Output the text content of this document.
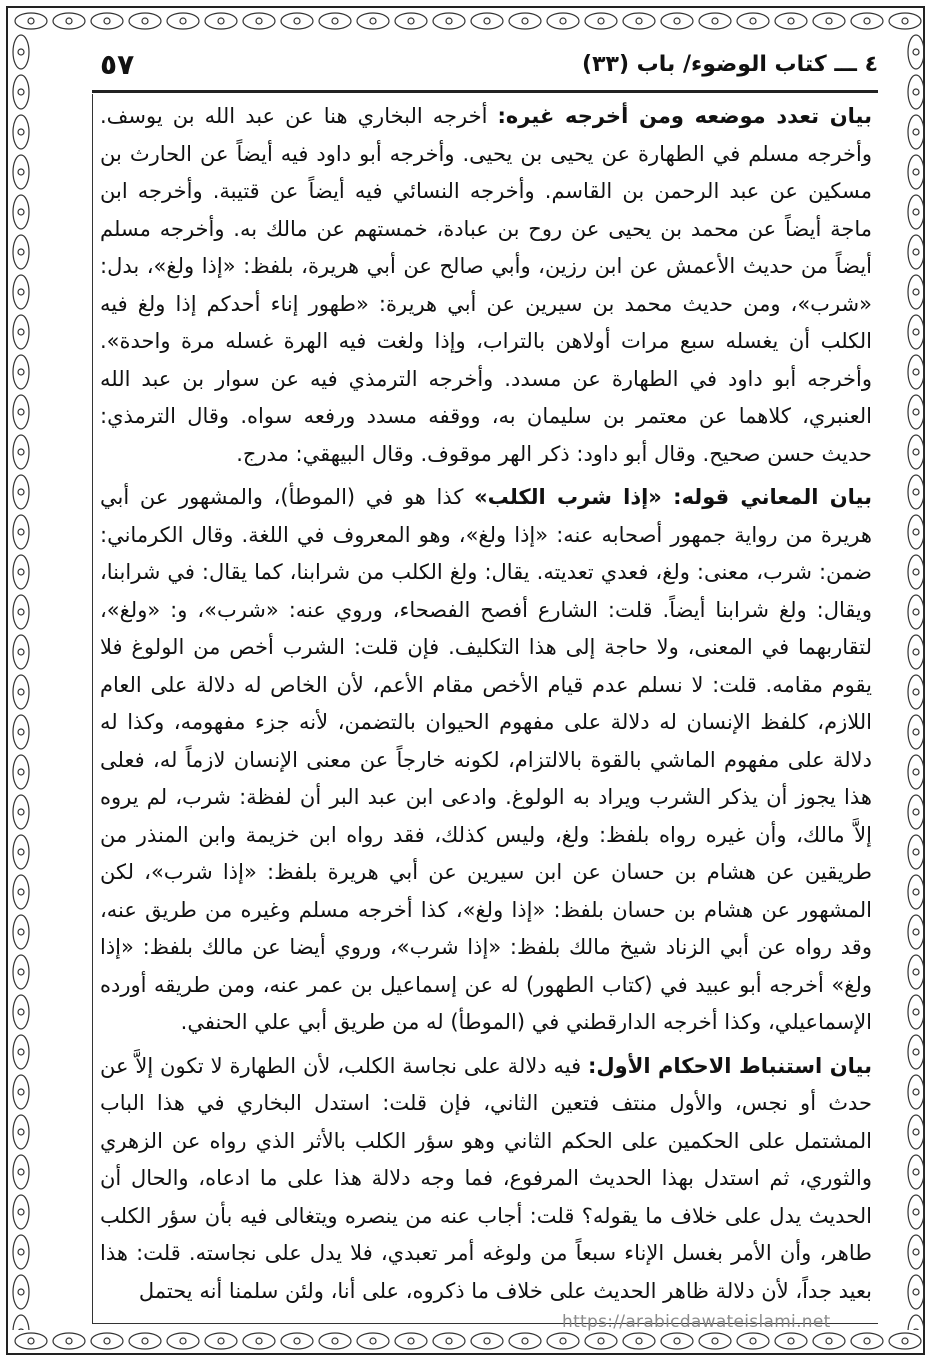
٤ ـــ كتاب الوضوء/ باب (٣٣)
٥٧

بيان تعدد موضعه ومن أخرجه غيره: أخرجه البخاري هنا عن عبد الله بن يوسف. وأخرجه مسلم في الطهارة عن يحيى بن يحيى. وأخرجه أبو داود فيه أيضاً عن الحارث بن مسكين عن عبد الرحمن بن القاسم. وأخرجه النسائي فيه أيضاً عن قتيبة. وأخرجه ابن ماجة أيضاً عن محمد بن يحيى عن روح بن عبادة، خمستهم عن مالك به. وأخرجه مسلم أيضاً من حديث الأعمش عن ابن رزين، وأبي صالح عن أبي هريرة، بلفظ: «إذا ولغ»، بدل: «شرب»، ومن حديث محمد بن سيرين عن أبي هريرة: «طهور إناء أحدكم إذا ولغ فيه الكلب أن يغسله سبع مرات أولاهن بالتراب، وإذا ولغت فيه الهرة غسله مرة واحدة». وأخرجه أبو داود في الطهارة عن مسدد. وأخرجه الترمذي فيه عن سوار بن عبد الله العنبري، كلاهما عن معتمر بن سليمان به، ووقفه مسدد ورفعه سواه. وقال الترمذي: حديث حسن صحيح. وقال أبو داود: ذكر الهر موقوف. وقال البيهقي: مدرج.

بيان المعاني قوله: «إذا شرب الكلب» كذا هو في (الموطأ)، والمشهور عن أبي هريرة من رواية جمهور أصحابه عنه: «إذا ولغ»، وهو المعروف في اللغة. وقال الكرماني: ضمن: شرب، معنى: ولغ، فعدي تعديته. يقال: ولغ الكلب من شرابنا، كما يقال: في شرابنا، ويقال: ولغ شرابنا أيضاً. قلت: الشارع أفصح الفصحاء، وروي عنه: «شرب»، و: «ولغ»، لتقاربهما في المعنى، ولا حاجة إلى هذا التكليف. فإن قلت: الشرب أخص من الولوغ فلا يقوم مقامه. قلت: لا نسلم عدم قيام الأخص مقام الأعم، لأن الخاص له دلالة على العام اللازم، كلفظ الإنسان له دلالة على مفهوم الحيوان بالتضمن، لأنه جزء مفهومه، وكذا له دلالة على مفهوم الماشي بالقوة بالالتزام، لكونه خارجاً عن معنى الإنسان لازماً له، فعلى هذا يجوز أن يذكر الشرب ويراد به الولوغ. وادعى ابن عبد البر أن لفظة: شرب، لم يروه إلاَّ مالك، وأن غيره رواه بلفظ: ولغ، وليس كذلك، فقد رواه ابن خزيمة وابن المنذر من طريقين عن هشام بن حسان عن ابن سيرين عن أبي هريرة بلفظ: «إذا شرب»، لكن المشهور عن هشام بن حسان بلفظ: «إذا ولغ»، كذا أخرجه مسلم وغيره من طريق عنه، وقد رواه عن أبي الزناد شيخ مالك بلفظ: «إذا شرب»، وروي أيضا عن مالك بلفظ: «إذا ولغ» أخرجه أبو عبيد في (كتاب الطهور) له عن إسماعيل بن عمر عنه، ومن طريقه أورده الإسماعيلي، وكذا أخرجه الدارقطني في (الموطأ) له من طريق أبي علي الحنفي.

بيان استنباط الاحكام الأول: فيه دلالة على نجاسة الكلب، لأن الطهارة لا تكون إلاَّ عن حدث أو نجس، والأول منتف فتعين الثاني، فإن قلت: استدل البخاري في هذا الباب المشتمل على الحكمين على الحكم الثاني وهو سؤر الكلب بالأثر الذي رواه عن الزهري والثوري، ثم استدل بهذا الحديث المرفوع، فما وجه دلالة هذا على ما ادعاه، والحال أن الحديث يدل على خلاف ما يقوله؟ قلت: أجاب عنه من ينصره ويتغالى فيه بأن سؤر الكلب طاهر، وأن الأمر بغسل الإناء سبعاً من ولوغه أمر تعبدي، فلا يدل على نجاسته. قلت: هذا بعيد جداً، لأن دلالة ظاهر الحديث على خلاف ما ذكروه، على أنا، ولئن سلمنا أنه يحتمل

https://arabicdawateislami.net
